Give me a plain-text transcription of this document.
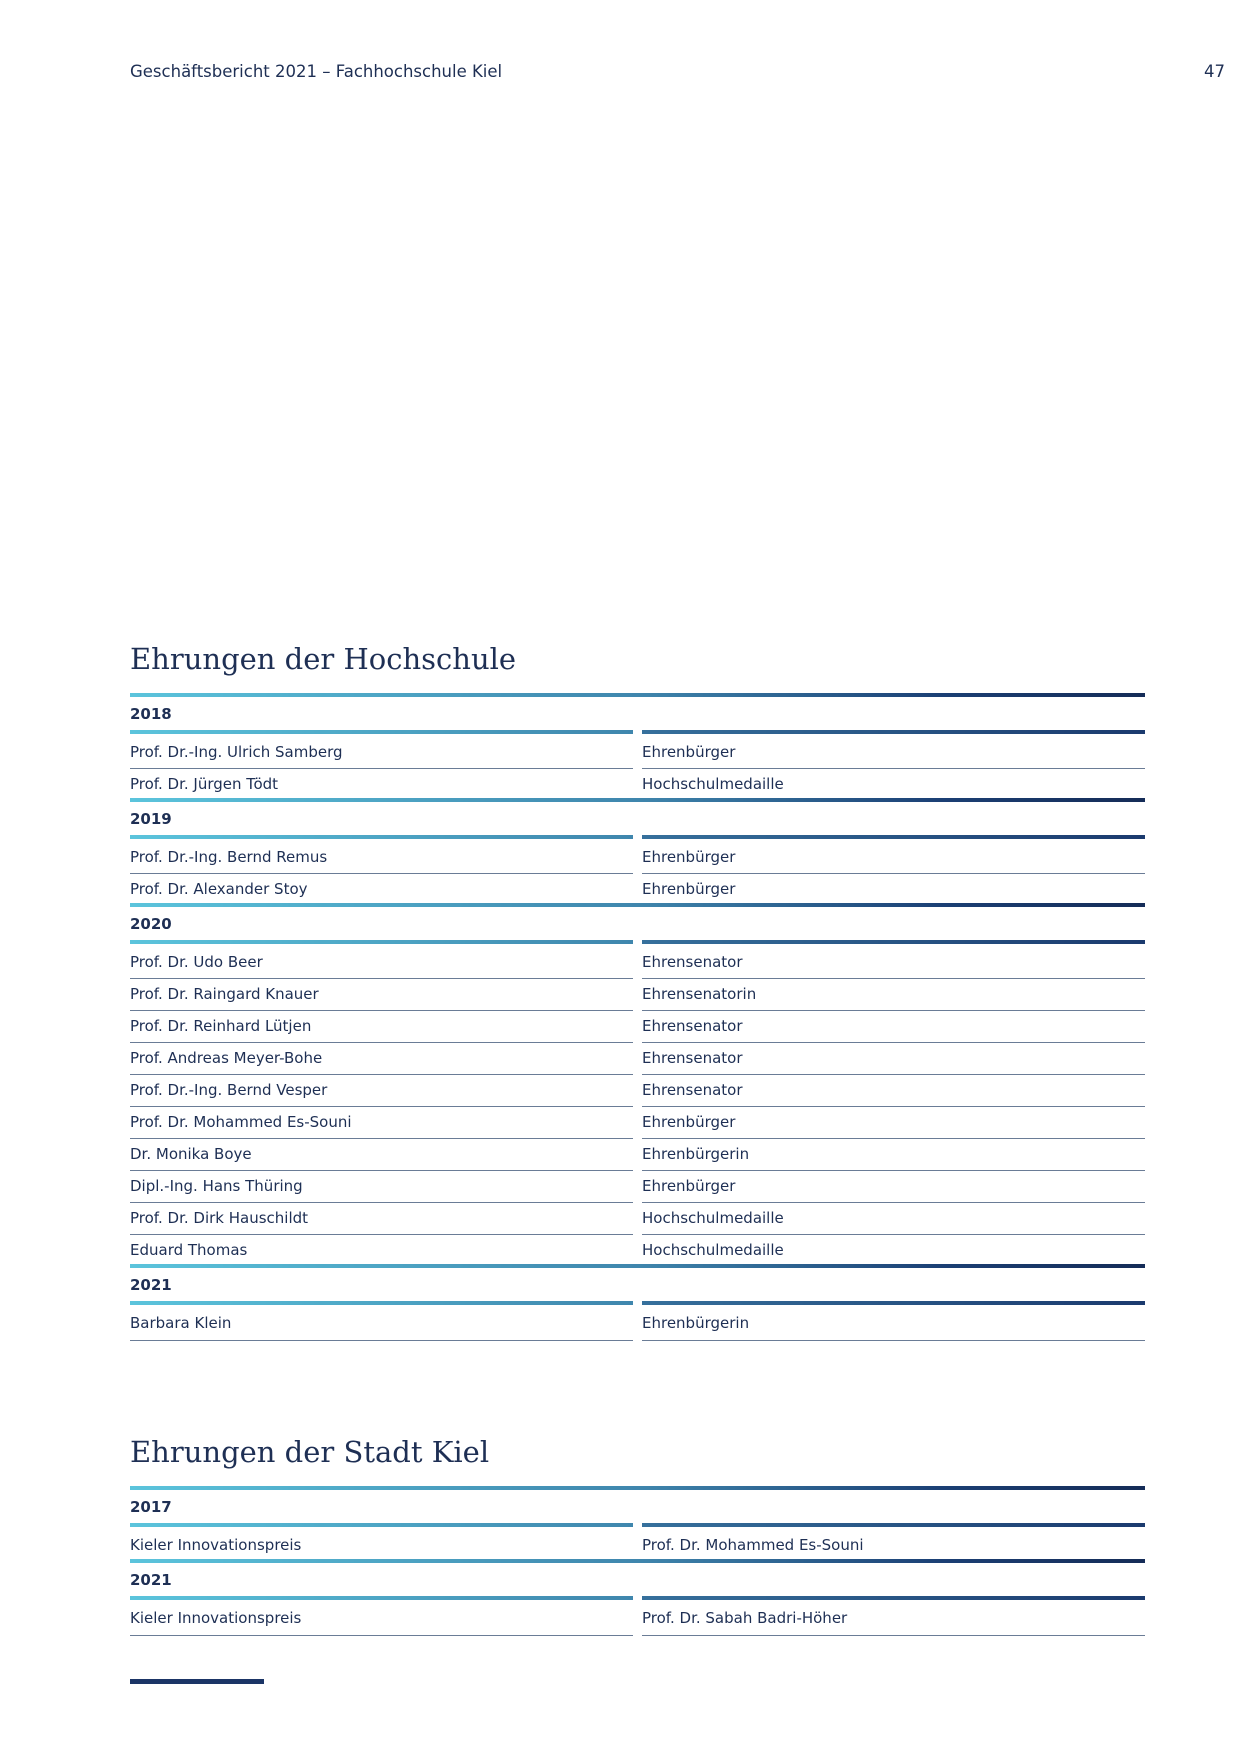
Geschäftsbericht 2021 – Fachhochschule Kiel	47
Ehrungen der Hochschule
2018
Prof. Dr.-Ing. Ulrich Samberg	Ehrenbürger
Prof. Dr. Jürgen Tödt	Hochschulmedaille
2019
Prof. Dr.-Ing. Bernd Remus	Ehrenbürger
Prof. Dr. Alexander Stoy	Ehrenbürger
2020
Prof. Dr. Udo Beer	Ehrensenator
Prof. Dr. Raingard Knauer	Ehrensenatorin
Prof. Dr. Reinhard Lütjen	Ehrensenator
Prof. Andreas Meyer-Bohe	Ehrensenator
Prof. Dr.-Ing. Bernd Vesper	Ehrensenator
Prof. Dr. Mohammed Es-Souni	Ehrenbürger
Dr. Monika Boye	Ehrenbürgerin
Dipl.-Ing. Hans Thüring	Ehrenbürger
Prof. Dr. Dirk Hauschildt	Hochschulmedaille
Eduard Thomas	Hochschulmedaille
2021
Barbara Klein	Ehrenbürgerin
Ehrungen der Stadt Kiel
2017
Kieler Innovationspreis	Prof. Dr. Mohammed Es-Souni
2021
Kieler Innovationspreis	Prof. Dr. Sabah Badri-Höher
